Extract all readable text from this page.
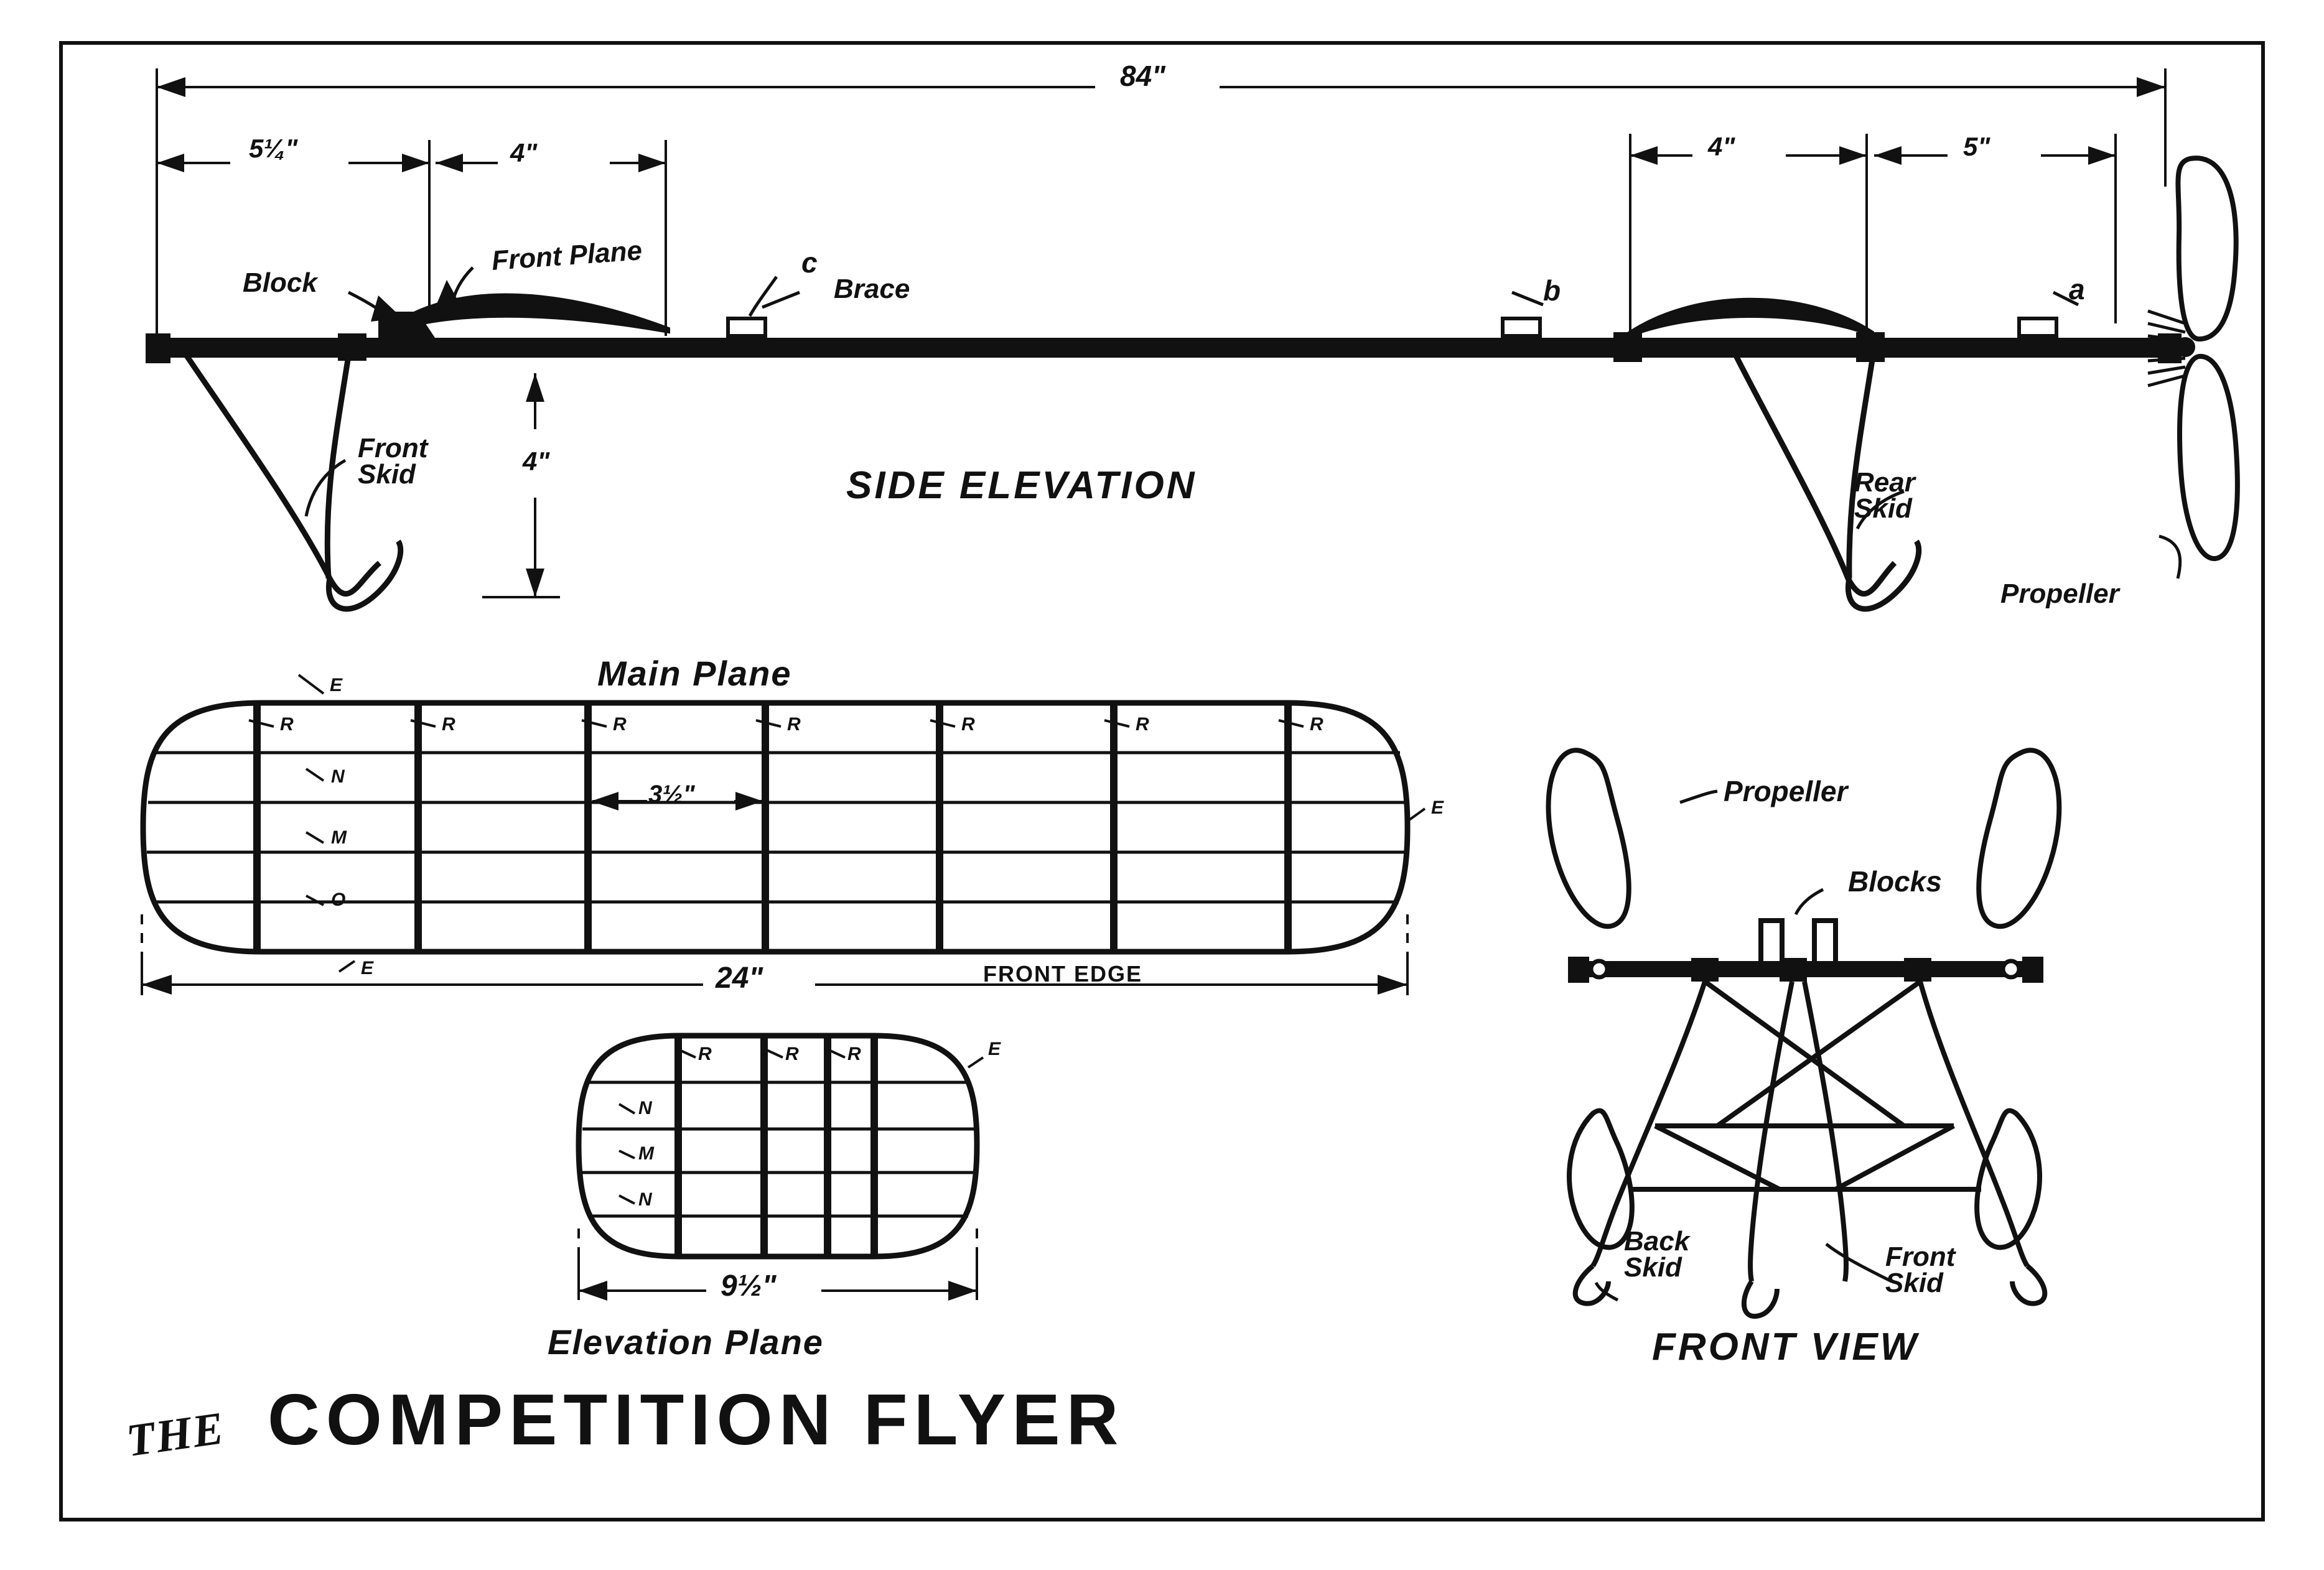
84"
5¼"	4"	4"	5"
4"
Block
Front Plane
Brace
c
b	a
Front Skid	Rear Skid
Propeller
SIDE ELEVATION
Main Plane
3½"
24"	FRONT EDGE
E
E
E
R	R	R	R	R	R	R
N
M
O
R	R	R	E
N
M
N
9½"
Elevation Plane
Propeller
Blocks
Back Skid	Front Skid
FRONT VIEW
THE COMPETITION FLYER
